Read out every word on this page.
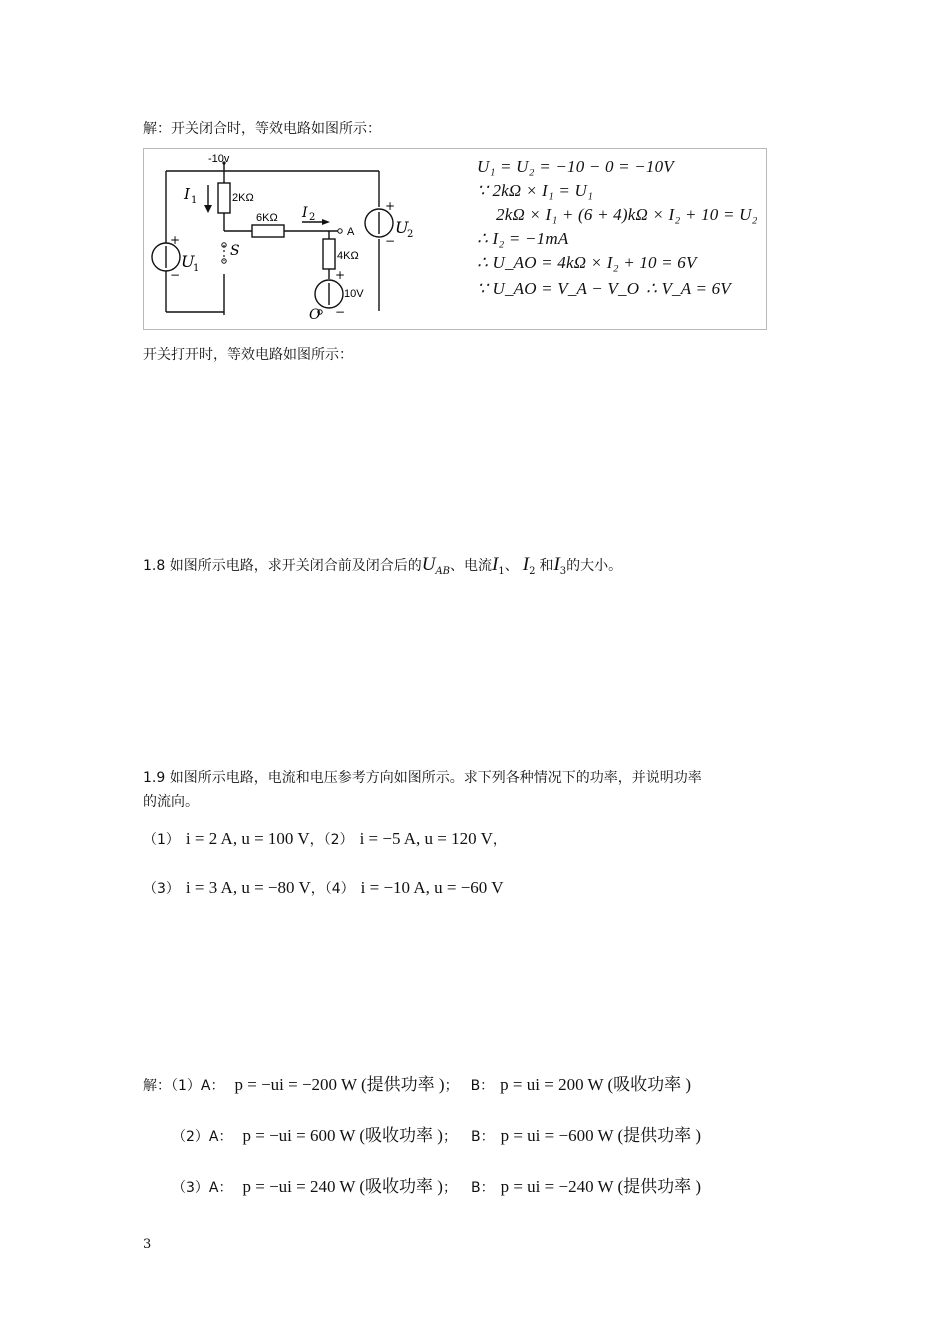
解：开关闭合时，等效电路如图所示：
-10v
2KΩ
6KΩ
4KΩ
A
O
S
10V
I 1
I 2
U
1
U
2
+
−
+
−
+
−
U₁ = U₂ = −10 − 0 = −10V
∵ 2kΩ × I₁ = U₁
2kΩ × I₁ + (6 + 4)kΩ × I₂ + 10 = U₂
∴ I₂ = −1mA
∴ U_AO = 4kΩ × I₂ + 10 = 6V
∵ U_AO = V_A − V_O ∴ V_A = 6V
开关打开时，等效电路如图所示：
1.8 如图所示电路，求开关闭合前及闭合后的$U_{AB}$、电流$I_1$、 $I_2$ 和$I_3$的大小。
1.9 如图所示电路，电流和电压参考方向如图所示。求下列各种情况下的功率，并说明功率
的流向。
（1） i = 2 A, u = 100 V，（2） i = −5 A, u = 120 V，
（3） i = 3 A, u = −80 V，（4） i = −10 A, u = −60 V
解：（1）A： p = −ui = −200 W (提供功率 )； B： p = ui = 200 W (吸收功率 )
（2）A： p = −ui = 600 W (吸收功率 )； B： p = ui = −600 W (提供功率 )
（3）A： p = −ui = 240 W (吸收功率 )； B： p = ui = −240 W (提供功率 )
3
